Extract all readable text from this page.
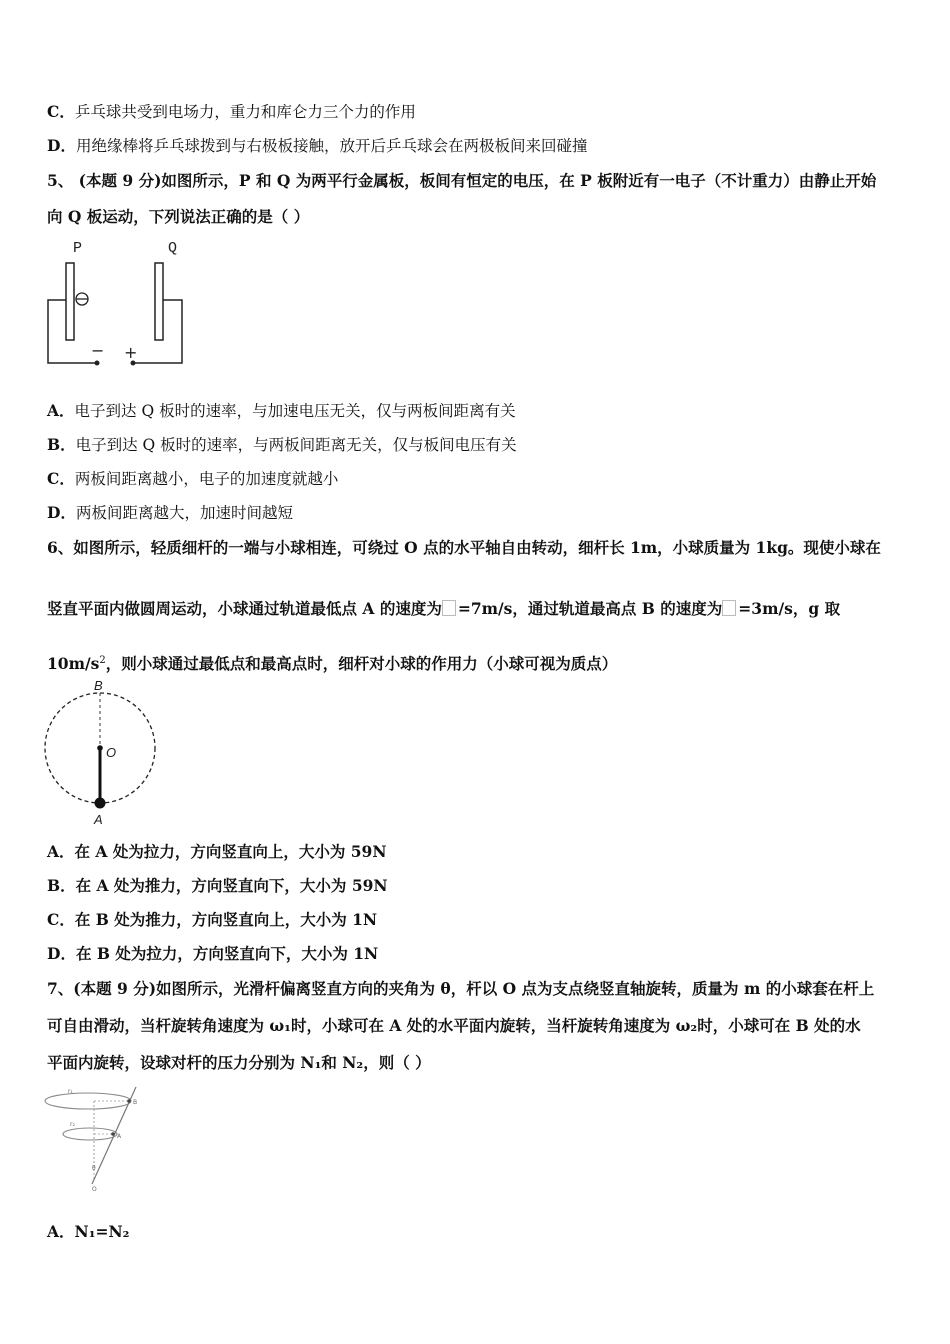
C．乒乓球共受到电场力，重力和库仑力三个力的作用
D．用绝缘棒将乒乓球拨到与右极板接触，放开后乒乓球会在两极板间来回碰撞
5、 (本题 9 分)如图所示，P 和 Q 为两平行金属板，板间有恒定的电压，在 P 板附近有一电子（不计重力）由静止开始
向 Q 板运动，下列说法正确的是（ ）
P	Q
− +
A．电子到达 Q 板时的速率，与加速电压无关，仅与两板间距离有关
B．电子到达 Q 板时的速率，与两板间距离无关，仅与板间电压有关
C．两板间距离越小，电子的加速度就越小
D．两板间距离越大，加速时间越短
6、如图所示，轻质细杆的一端与小球相连，可绕过 O 点的水平轴自由转动，细杆长 1m，小球质量为 1kg。现使小球在
竖直平面内做圆周运动，小球通过轨道最低点 A 的速度为 =7m/s，通过轨道最高点 B 的速度为 =3m/s，g 取
$10m/s^2$，则小球通过最低点和最高点时，细杆对小球的作用力（小球可视为质点）
B
O
A
A．在 A 处为拉力，方向竖直向上，大小为 59N
B．在 A 处为推力，方向竖直向下，大小为 59N
C．在 B 处为推力，方向竖直向上，大小为 1N
D．在 B 处为拉力，方向竖直向下，大小为 1N
7、(本题 9 分)如图所示，光滑杆偏离竖直方向的夹角为 θ，杆以 O 点为支点绕竖直轴旋转，质量为 m 的小球套在杆上
可自由滑动，当杆旋转角速度为 ω₁时，小球可在 A 处的水平面内旋转，当杆旋转角速度为 ω₂时，小球可在 B 处的水
平面内旋转，设球对杆的压力分别为 N₁和 N₂，则（ ）
r₁
r₂
B
A
θ
O
A．N₁=N₂
